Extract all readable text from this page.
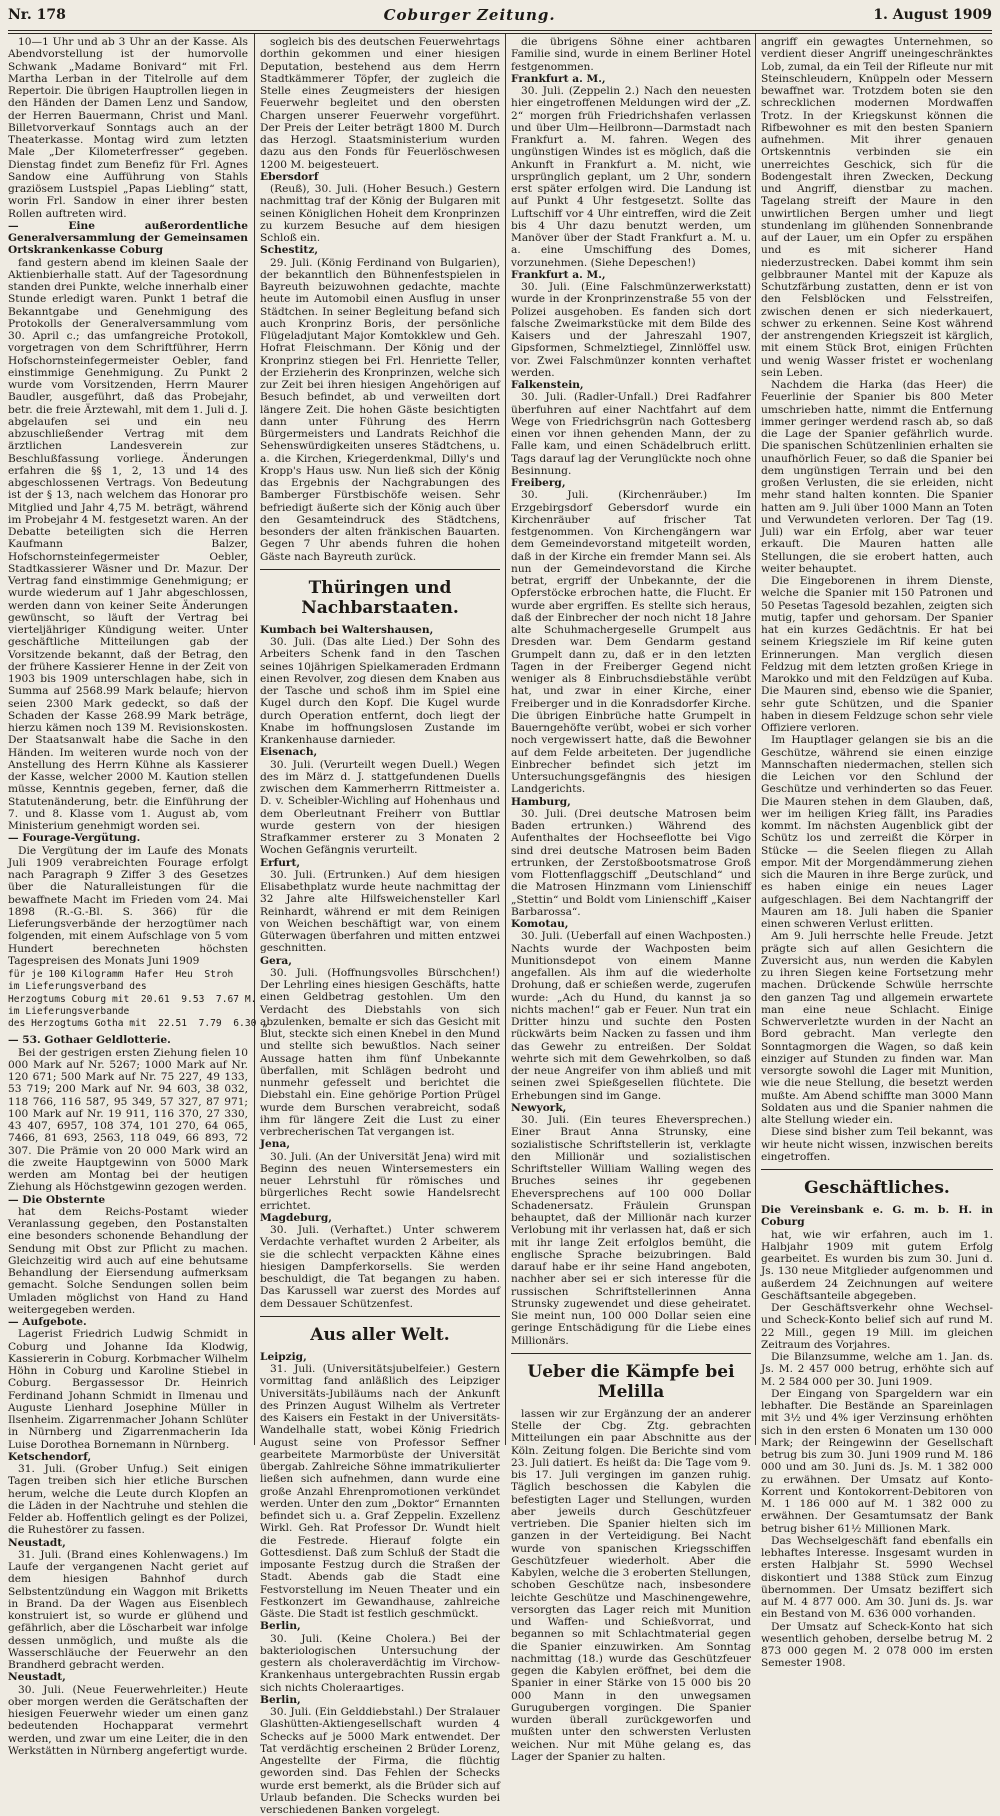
Nr. 178	Coburger Zeitung.	1. August 1909

10—1 Uhr und ab 3 Uhr an der Kasse. Als Abendvorstellung ist der humorvolle Schwank „Madame Bonivard“ mit Frl. Martha Lerban in der Titelrolle auf dem Repertoir. Die übrigen Hauptrollen liegen in den Händen der Damen Lenz und Sandow, der Herren Bauermann, Christ und Manl. Billetvorverkauf Sonntags auch an der Theaterkasse. Montag wird zum letzten Male „Der Kilometerfresser“ gegeben. Dienstag findet zum Benefiz für Frl. Agnes Sandow eine Aufführung von Stahls graziösem Lustspiel „Papas Liebling“ statt, worin Frl. Sandow in einer ihrer besten Rollen auftreten wird.

— Eine außerordentliche Generalversammlung der Gemeinsamen Ortskrankenkasse Coburg

fand gestern abend im kleinen Saale der Aktienbierhalle statt. Auf der Tagesordnung standen drei Punkte, welche innerhalb einer Stunde erledigt waren. Punkt 1 betraf die Bekanntgabe und Genehmigung des Protokolls der Generalversammlung vom 30. April c.; das umfangreiche Protokoll, vorgetragen von dem Schriftführer, Herrn Hofschornsteinfegermeister Oebler, fand einstimmige Genehmigung. Zu Punkt 2 wurde vom Vorsitzenden, Herrn Maurer Baudler, ausgeführt, daß das Probejahr, betr. die freie Ärztewahl, mit dem 1. Juli d. J. abgelaufen sei und ein neu abzuschließender Vertrag mit dem ärztlichen Landesverein zur Beschlußfassung vorliege. Änderungen erfahren die §§ 1, 2, 13 und 14 des abgeschlossenen Vertrags. Von Bedeutung ist der § 13, nach welchem das Honorar pro Mitglied und Jahr 4,75 M. beträgt, während im Probejahr 4 M. festgesetzt waren. An der Debatte beteiligten sich die Herren Kaufmann Balzer, Hofschornsteinfegermeister Oebler, Stadtkassierer Wäsner und Dr. Mazur. Der Vertrag fand einstimmige Genehmigung; er wurde wiederum auf 1 Jahr abgeschlossen, werden dann von keiner Seite Änderungen gewünscht, so läuft der Vertrag bei vierteljähriger Kündigung weiter. Unter geschäftliche Mitteilungen gab der Vorsitzende bekannt, daß der Betrag, den der frühere Kassierer Henne in der Zeit von 1903 bis 1909 unterschlagen habe, sich in Summa auf 2568.99 Mark belaufe; hiervon seien 2300 Mark gedeckt, so daß der Schaden der Kasse 268.99 Mark beträge, hierzu kämen noch 139 M. Revisionskosten. Der Staatsanwalt habe die Sache in den Händen. Im weiteren wurde noch von der Anstellung des Herrn Kühne als Kassierer der Kasse, welcher 2000 M. Kaution stellen müsse, Kenntnis gegeben, ferner, daß die Statutenänderung, betr. die Einführung der 7. und 8. Klasse vom 1. August ab, vom Ministerium genehmigt worden sei.

— Fourage-Vergütung.

Die Vergütung der im Laufe des Monats Juli 1909 verabreichten Fourage erfolgt nach Paragraph 9 Ziffer 3 des Gesetzes über die Naturalleistungen für die bewaffnete Macht im Frieden vom 24. Mai 1898 (R.-G.-Bl. S. 366) für die Lieferungsverbände der herzogtümer nach folgenden, mit einem Aufschlage von 5 vom Hundert berechneten höchsten Tagespreisen des Monats Juni 1909

für je 100 Kilogramm  Hafer  Heu  Stroh
im Lieferungsverband des
Herzogtums Coburg mit  20.61  9.53  7.67 M.
im Lieferungsverbande
des Herzogtums Gotha mit  22.51  7.79  6.30 „

— 53. Gothaer Geldlotterie.

Bei der gestrigen ersten Ziehung fielen 10 000 Mark auf Nr. 5267; 1000 Mark auf Nr. 120 671; 500 Mark auf Nr. 75 227, 49 133, 53 719; 200 Mark auf Nr. 94 603, 38 032, 118 766, 116 587, 95 349, 57 327, 87 971; 100 Mark auf Nr. 19 911, 116 370, 27 330, 43 407, 6957, 108 374, 101 270, 64 065, 7466, 81 693, 2563, 118 049, 66 893, 72 307. Die Prämie von 20 000 Mark wird an die zweite Hauptgewinn von 5000 Mark werden am Montag bei der heutigen Ziehung als Höchstgewinn gezogen werden.

— Die Obsternte

hat dem Reichs-Postamt wieder Veranlassung gegeben, den Postanstalten eine besonders schonende Behandlung der Sendung mit Obst zur Pflicht zu machen. Gleichzeitig wird auch auf eine behutsame Behandlung der Eiersendung aufmerksam gemacht. Solche Sendungen sollen beim Umladen möglichst von Hand zu Hand weitergegeben werden.

— Aufgebote.

Lagerist Friedrich Ludwig Schmidt in Coburg und Johanne Ida Klodwig, Kassiererin in Coburg. Korbmacher Wilhelm Höhn in Coburg und Karoline Stiebel in Coburg. Bergassessor Dr. Heinrich Ferdinand Johann Schmidt in Ilmenau und Auguste Lienhard Josephine Müller in Ilsenheim. Zigarrenmacher Johann Schlüter in Nürnberg und Zigarrenmacherin Ida Luise Dorothea Bornemann in Nürnberg.

Ketschendorf,

31. Juli. (Grober Unfug.) Seit einigen Tagen treiben sich hier etliche Burschen herum, welche die Leute durch Klopfen an die Läden in der Nachtruhe und stehlen die Felder ab. Hoffentlich gelingt es der Polizei, die Ruhestörer zu fassen.

Neustadt,

31. Juli. (Brand eines Kohlenwagens.) Im Laufe der vergangenen Nacht geriet auf dem hiesigen Bahnhof durch Selbstentzündung ein Waggon mit Briketts in Brand. Da der Wagen aus Eisenblech konstruiert ist, so wurde er glühend und gefährlich, aber die Löscharbeit war infolge dessen unmöglich, und mußte als die Wasserschläuche der Feuerwehr an den Brandherd gebracht werden.

Neustadt,

30. Juli. (Neue Feuerwehrleiter.) Heute ober morgen werden die Gerätschaften der hiesigen Feuerwehr wieder um einen ganz bedeutenden Hochapparat vermehrt werden, und zwar um eine Leiter, die in den Werkstätten in Nürnberg angefertigt wurde.

sogleich bis des deutschen Feuerwehrtags dorthin gekommen und einer hiesigen Deputation, bestehend aus dem Herrn Stadtkämmerer Töpfer, der zugleich die Stelle eines Zeugmeisters der hiesigen Feuerwehr begleitet und den obersten Chargen unserer Feuerwehr vorgeführt. Der Preis der Leiter beträgt 1800 M. Durch das Herzogl. Staatsministerium wurden dazu aus den Fonds für Feuerlöschwesen 1200 M. beigesteuert.

Ebersdorf

(Reuß), 30. Juli. (Hoher Besuch.) Gestern nachmittag traf der König der Bulgaren mit seinen Königlichen Hoheit dem Kronprinzen zu kurzem Besuche auf dem hiesigen Schloß ein.

Schestitz,

29. Juli. (König Ferdinand von Bulgarien), der bekanntlich den Bühnenfestspielen in Bayreuth beizuwohnen gedachte, machte heute im Automobil einen Ausflug in unser Städtchen. In seiner Begleitung befand sich auch Kronprinz Boris, der persönliche Flügeladjutant Major Komtokklew und Geh. Hofrat Fleischmann. Der König und der Kronprinz stiegen bei Frl. Henriette Teller, der Erzieherin des Kronprinzen, welche sich zur Zeit bei ihren hiesigen Angehörigen auf Besuch befindet, ab und verweilten dort längere Zeit. Die hohen Gäste besichtigten dann unter Führung des Herrn Bürgermeisters und Landrats Reichhof die Sehenswürdigkeiten unseres Städtchens, u. a. die Kirchen, Kriegerdenkmal, Dilly's und Kropp's Haus usw. Nun ließ sich der König das Ergebnis der Nachgrabungen des Bamberger Fürstbischöfe weisen. Sehr befriedigt äußerte sich der König auch über den Gesamteindruck des Städtchens, besonders der alten fränkischen Bauarten. Gegen 7 Uhr abends fuhren die hohen Gäste nach Bayreuth zurück.

Thüringen und Nachbarstaaten.

Kumbach bei Waltershausen,

30. Juli. (Das alte Lied.) Der Sohn des Arbeiters Schenk fand in den Taschen seines 10jährigen Spielkameraden Erdmann einen Revolver, zog diesen dem Knaben aus der Tasche und schoß ihm im Spiel eine Kugel durch den Kopf. Die Kugel wurde durch Operation entfernt, doch liegt der Knabe im hoffnungslosen Zustande im Krankenhause darnieder.

Eisenach,

30. Juli. (Verurteilt wegen Duell.) Wegen des im März d. J. stattgefundenen Duells zwischen dem Kammerherrn Rittmeister a. D. v. Scheibler-Wichling auf Hohenhaus und dem Oberleutnant Freiherr von Buttlar wurde gestern von der hiesigen Strafkammer ersterer zu 3 Monaten 2 Wochen Gefängnis verurteilt.

Erfurt,

30. Juli. (Ertrunken.) Auf dem hiesigen Elisabethplatz wurde heute nachmittag der 32 Jahre alte Hilfsweichensteller Karl Reinhardt, während er mit dem Reinigen von Weichen beschäftigt war, von einem Güterwagen überfahren und mitten entzwei geschnitten.

Gera,

30. Juli. (Hoffnungsvolles Bürschchen!) Der Lehrling eines hiesigen Geschäfts, hatte einen Geldbetrag gestohlen. Um den Verdacht des Diebstahls von sich abzulenken, bemalte er sich das Gesicht mit Blut, steckte sich einen Knebel in den Mund und stellte sich bewußtlos. Nach seiner Aussage hatten ihm fünf Unbekannte überfallen, mit Schlägen bedroht und nunmehr gefesselt und berichtet die Diebstahl ein. Eine gehörige Portion Prügel wurde dem Burschen verabreicht, sodaß ihm für längere Zeit die Lust zu einer verbrecherischen Tat vergangen ist.

Jena,

30. Juli. (An der Universität Jena) wird mit Beginn des neuen Wintersemesters ein neuer Lehrstuhl für römisches und bürgerliches Recht sowie Handelsrecht errichtet.

Magdeburg,

30. Juli. (Verhaftet.) Unter schwerem Verdachte verhaftet wurden 2 Arbeiter, als sie die schlecht verpackten Kähne eines hiesigen Dampferkorsells. Sie werden beschuldigt, die Tat begangen zu haben. Das Karussell war zuerst des Mordes auf dem Dessauer Schützenfest.

Aus aller Welt.

Leipzig,

31. Juli. (Universitätsjubelfeier.) Gestern vormittag fand anläßlich des Leipziger Universitäts-Jubiläums nach der Ankunft des Prinzen August Wilhelm als Vertreter des Kaisers ein Festakt in der Universitäts-Wandelhalle statt, wobei König Friedrich August seine von Professor Seffner gearbeitete Marmorbüste der Universität übergab. Zahlreiche Söhne immatrikulierter ließen sich aufnehmen, dann wurde eine große Anzahl Ehrenpromotionen verkündet werden. Unter den zum „Doktor“ Ernannten befindet sich u. a. Graf Zeppelin. Exzellenz Wirkl. Geh. Rat Professor Dr. Wundt hielt die Festrede. Hierauf folgte ein Gottesdienst. Daß zum Schluß der Stadt die imposante Festzug durch die Straßen der Stadt. Abends gab die Stadt eine Festvorstellung im Neuen Theater und ein Festkonzert im Gewandhause, zahlreiche Gäste. Die Stadt ist festlich geschmückt.

Berlin,

30. Juli. (Keine Cholera.) Bei der bakteriologischen Untersuchung der gestern als choleraverdächtig im Virchow-Krankenhaus untergebrachten Russin ergab sich nichts Choleraartiges.

Berlin,

30. Juli. (Ein Gelddiebstahl.) Der Stralauer Glashütten-Aktiengesellschaft wurden 4 Schecks auf je 5000 Mark entwendet. Der Tat verdächtig erscheinen 2 Brüder Lorenz, Angestellte der Firma, die flüchtig geworden sind. Das Fehlen der Schecks wurde erst bemerkt, als die Brüder sich auf Urlaub befanden. Die Schecks wurden bei verschiedenen Banken vorgelegt.

die übrigens Söhne einer achtbaren Familie sind, wurde in einem Berliner Hotel festgenommen.

Frankfurt a. M.,

30. Juli. (Zeppelin 2.) Nach den neuesten hier eingetroffenen Meldungen wird der „Z. 2“ morgen früh Friedrichshafen verlassen und über Ulm—Heilbronn—Darmstadt nach Frankfurt a. M. fahren. Wegen des ungünstigen Windes ist es möglich, daß die Ankunft in Frankfurt a. M. nicht, wie ursprünglich geplant, um 2 Uhr, sondern erst später erfolgen wird. Die Landung ist auf Punkt 4 Uhr festgesetzt. Sollte das Luftschiff vor 4 Uhr eintreffen, wird die Zeit bis 4 Uhr dazu benutzt werden, um Manöver über der Stadt Frankfurt a. M. u. a. eine Umschiffung des Domes, vorzunehmen. (Siehe Depeschen!)

Frankfurt a. M.,

30. Juli. (Eine Falschmünzerwerkstatt) wurde in der Kronprinzenstraße 55 von der Polizei ausgehoben. Es fanden sich dort falsche Zweimarkstücke mit dem Bilde des Kaisers und der Jahreszahl 1907, Gipsformen, Schmelztiegel, Zinnlöffel usw. vor. Zwei Falschmünzer konnten verhaftet werden.

Falkenstein,

30. Juli. (Radler-Unfall.) Drei Radfahrer überfuhren auf einer Nachtfahrt auf dem Wege von Friedrichsgrün nach Gottesberg einen vor ihnen gehenden Mann, der zu Falle kam, und einen Schädelbruch erlitt. Tags darauf lag der Verunglückte noch ohne Besinnung.

Freiberg,

30. Juli. (Kirchenräuber.) Im Erzgebirgsdorf Gebersdorf wurde ein Kirchenräuber auf frischer Tat festgenommen. Von Kirchengängern war dem Gemeindevorstand mitgeteilt worden, daß in der Kirche ein fremder Mann sei. Als nun der Gemeindevorstand die Kirche betrat, ergriff der Unbekannte, der die Opferstöcke erbrochen hatte, die Flucht. Er wurde aber ergriffen. Es stellte sich heraus, daß der Einbrecher der noch nicht 18 Jahre alte Schuhmachergeselle Grumpelt aus Dresden war. Dem Gendarm gestand Grumpelt dann zu, daß er in den letzten Tagen in der Freiberger Gegend nicht weniger als 8 Einbruchsdiebstähle verübt hat, und zwar in einer Kirche, einer Freiberger und in die Konradsdorfer Kirche. Die übrigen Einbrüche hatte Grumpelt in Bauerngehöfte verübt, wobei er sich vorher noch vergewissert hatte, daß die Bewohner auf dem Felde arbeiteten. Der jugendliche Einbrecher befindet sich jetzt im Untersuchungsgefängnis des hiesigen Landgerichts.

Hamburg,

30. Juli. (Drei deutsche Matrosen beim Baden ertrunken.) Während des Aufenthaltes der Hochseeflotte bei Vigo sind drei deutsche Matrosen beim Baden ertrunken, der Zerstoßbootsmatrose Groß vom Flottenflaggschiff „Deutschland“ und die Matrosen Hinzmann vom Linienschiff „Stettin“ und Boldt vom Linienschiff „Kaiser Barbarossa“.

Komotau,

30. Juli. (Ueberfall auf einen Wachposten.) Nachts wurde der Wachposten beim Munitionsdepot von einem Manne angefallen. Als ihm auf die wiederholte Drohung, daß er schießen werde, zugerufen wurde: „Ach du Hund, du kannst ja so nichts machen!“ gab er Feuer. Nun trat ein Dritter hinzu und suchte den Posten rückwärts beim Nacken zu fassen und ihm das Gewehr zu entreißen. Der Soldat wehrte sich mit dem Gewehrkolben, so daß der neue Angreifer von ihm abließ und mit seinen zwei Spießgesellen flüchtete. Die Erhebungen sind im Gange.

Newyork,

30. Juli. (Ein teures Eheversprechen.) Einer Braut Anna Strunsky, eine sozialistische Schriftstellerin ist, verklagte den Millionär und sozialistischen Schriftsteller William Walling wegen des Bruches seines ihr gegebenen Eheversprechens auf 100 000 Dollar Schadenersatz. Fräulein Grunspan behauptet, daß der Millionär nach kurzer Verlobung mit ihr verlassen hat, daß er sich mit ihr lange Zeit erfolglos bemüht, die englische Sprache beizubringen. Bald darauf habe er ihr seine Hand angeboten, nachher aber sei er sich interesse für die russischen Schriftstellerinnen Anna Strunsky zugewendet und diese geheiratet. Sie meint nun, 100 000 Dollar seien eine geringe Entschädigung für die Liebe eines Millionärs.

Ueber die Kämpfe bei Melilla

lassen wir zur Ergänzung der an anderer Stelle der Cbg. Ztg. gebrachten Mitteilungen ein paar Abschnitte aus der Köln. Zeitung folgen. Die Berichte sind vom 23. Juli datiert. Es heißt da: Die Tage vom 9. bis 17. Juli vergingen im ganzen ruhig. Täglich beschossen die Kabylen die befestigten Lager und Stellungen, wurden aber jeweils durch Geschützfeuer vertrieben. Die Spanier hielten sich im ganzen in der Verteidigung. Bei Nacht wurde von spanischen Kriegsschiffen Geschützfeuer wiederholt. Aber die Kabylen, welche die 3 eroberten Stellungen, schoben Geschütze nach, insbesondere leichte Geschütze und Maschinengewehre, versorgten das Lager reich mit Munition und Waffen- und Schießvorrat, und begannen so mit Schlachtmaterial gegen die Spanier einzuwirken. Am Sonntag nachmittag (18.) wurde das Geschützfeuer gegen die Kabylen eröffnet, bei dem die Spanier in einer Stärke von 15 000 bis 20 000 Mann in den unwegsamen Gurugubergen vorgingen. Die Spanier wurden überall zurückgeworfen und mußten unter den schwersten Verlusten weichen. Nur mit Mühe gelang es, das Lager der Spanier zu halten.

angriff ein gewagtes Unternehmen, so verdient dieser Angriff uneingeschränktes Lob, zumal, da ein Teil der Rifleute nur mit Steinschleudern, Knüppeln oder Messern bewaffnet war. Trotzdem boten sie den schrecklichen modernen Mordwaffen Trotz. In der Kriegskunst können die Rifbewohner es mit den besten Spaniern aufnehmen. Mit ihrer genauen Ortskenntnis verbinden sie ein unerreichtes Geschick, sich für die Bodengestalt ihren Zwecken, Deckung und Angriff, dienstbar zu machen. Tagelang streift der Maure in den unwirtlichen Bergen umher und liegt stundenlang im glühenden Sonnenbrande auf der Lauer, um ein Opfer zu erspähen und es mit sicherer Hand niederzustrecken. Dabei kommt ihm sein gelbbrauner Mantel mit der Kapuze als Schutzfärbung zustatten, denn er ist von den Felsblöcken und Felsstreifen, zwischen denen er sich niederkauert, schwer zu erkennen. Seine Kost während der anstrengenden Kriegszeit ist kärglich, mit einem Stück Brot, einigen Früchten und wenig Wasser fristet er wochenlang sein Leben.

Nachdem die Harka (das Heer) die Feuerlinie der Spanier bis 800 Meter umschrieben hatte, nimmt die Entfernung immer geringer werdend rasch ab, so daß die Lage der Spanier gefährlich wurde. Die spanischen Schützenlinien erhalten sie unaufhörlich Feuer, so daß die Spanier bei dem ungünstigen Terrain und bei den großen Verlusten, die sie erleiden, nicht mehr stand halten konnten. Die Spanier hatten am 9. Juli über 1000 Mann an Toten und Verwundeten verloren. Der Tag (19. Juli) war ein Erfolg, aber war teuer erkauft. Die Mauren hatten alle Stellungen, die sie erobert hatten, auch weiter behauptet.

Die Eingeborenen in ihrem Dienste, welche die Spanier mit 150 Patronen und 50 Pesetas Tagesold bezahlen, zeigten sich mutig, tapfer und gehorsam. Der Spanier hat ein kurzes Gedächtnis. Er hat bei seinem Kriegsziele im Rif keine guten Erinnerungen. Man verglich diesen Feldzug mit dem letzten großen Kriege in Marokko und mit den Feldzügen auf Kuba. Die Mauren sind, ebenso wie die Spanier, sehr gute Schützen, und die Spanier haben in diesem Feldzuge schon sehr viele Offiziere verloren.

Im Hauptlager gelangen sie bis an die Geschütze, während sie einen einzige Mannschaften niedermachen, stellen sich die Leichen vor den Schlund der Geschütze und verhinderten so das Feuer. Die Mauren stehen in dem Glauben, daß, wer im heiligen Krieg fällt, ins Paradies kommt. Im nächsten Augenblick gibt der Schütz los und zerreißt die Körper in Stücke — die Seelen fliegen zu Allah empor. Mit der Morgendämmerung ziehen sich die Mauren in ihre Berge zurück, und es haben einige ein neues Lager aufgeschlagen. Bei dem Nachtangriff der Mauren am 18. Juli haben die Spanier einen schweren Verlust erlitten.

Am 9. Juli herrschte helle Freude. Jetzt prägte sich auf allen Gesichtern die Zuversicht aus, nun werden die Kabylen zu ihren Siegen keine Fortsetzung mehr machen. Drückende Schwüle herrschte den ganzen Tag und allgemein erwartete man eine neue Schlacht. Einige Schwerverletzte wurden in der Nacht an Bord gebracht. Man verlegte den Sonntagmorgen die Wagen, so daß kein einziger auf Stunden zu finden war. Man versorgte sowohl die Lager mit Munition, wie die neue Stellung, die besetzt werden mußte. Am Abend schiffte man 3000 Mann Soldaten aus und die Spanier nahmen die alte Stellung wieder ein.

Diese sind bisher zum Teil bekannt, was wir heute nicht wissen, inzwischen bereits eingetroffen.

Geschäftliches.

Die Vereinsbank e. G. m. b. H. in Coburg

hat, wie wir erfahren, auch im 1. Halbjahr 1909 mit gutem Erfolg gearbeitet. Es wurden bis zum 30. Juni d. Js. 130 neue Mitglieder aufgenommen und außerdem 24 Zeichnungen auf weitere Geschäftsanteile abgegeben.

Der Geschäftsverkehr ohne Wechsel- und Scheck-Konto belief sich auf rund M. 22 Mill., gegen 19 Mill. im gleichen Zeitraum des Vorjahres.

Die Bilanzsumme, welche am 1. Jan. ds. Js. M. 2 457 000 betrug, erhöhte sich auf M. 2 584 000 per 30. Juni 1909.

Der Eingang von Spargeldern war ein lebhafter. Die Bestände an Spareinlagen mit 3½ und 4% iger Verzinsung erhöhten sich in den ersten 6 Monaten um 130 000 Mark; der Reingewinn der Gesellschaft betrug bis zum 30. Juni 1909 rund M. 186 000 und am 30. Juni ds. Js. M. 1 382 000 zu erwähnen. Der Umsatz auf Konto-Korrent und Kontokorrent-Debitoren von M. 1 186 000 auf M. 1 382 000 zu erwähnen. Der Gesamtumsatz der Bank betrug bisher 61½ Millionen Mark.

Das Wechselgeschäft fand ebenfalls ein lebhaftes Interesse. Insgesamt wurden in ersten Halbjahr St. 5990 Wechsel diskontiert und 1388 Stück zum Einzug übernommen. Der Umsatz beziffert sich auf M. 4 877 000. Am 30. Juni ds. Js. war ein Bestand von M. 636 000 vorhanden.

Der Umsatz auf Scheck-Konto hat sich wesentlich gehoben, derselbe betrug M. 2 873 000 gegen M. 2 078 000 im ersten Semester 1908.
